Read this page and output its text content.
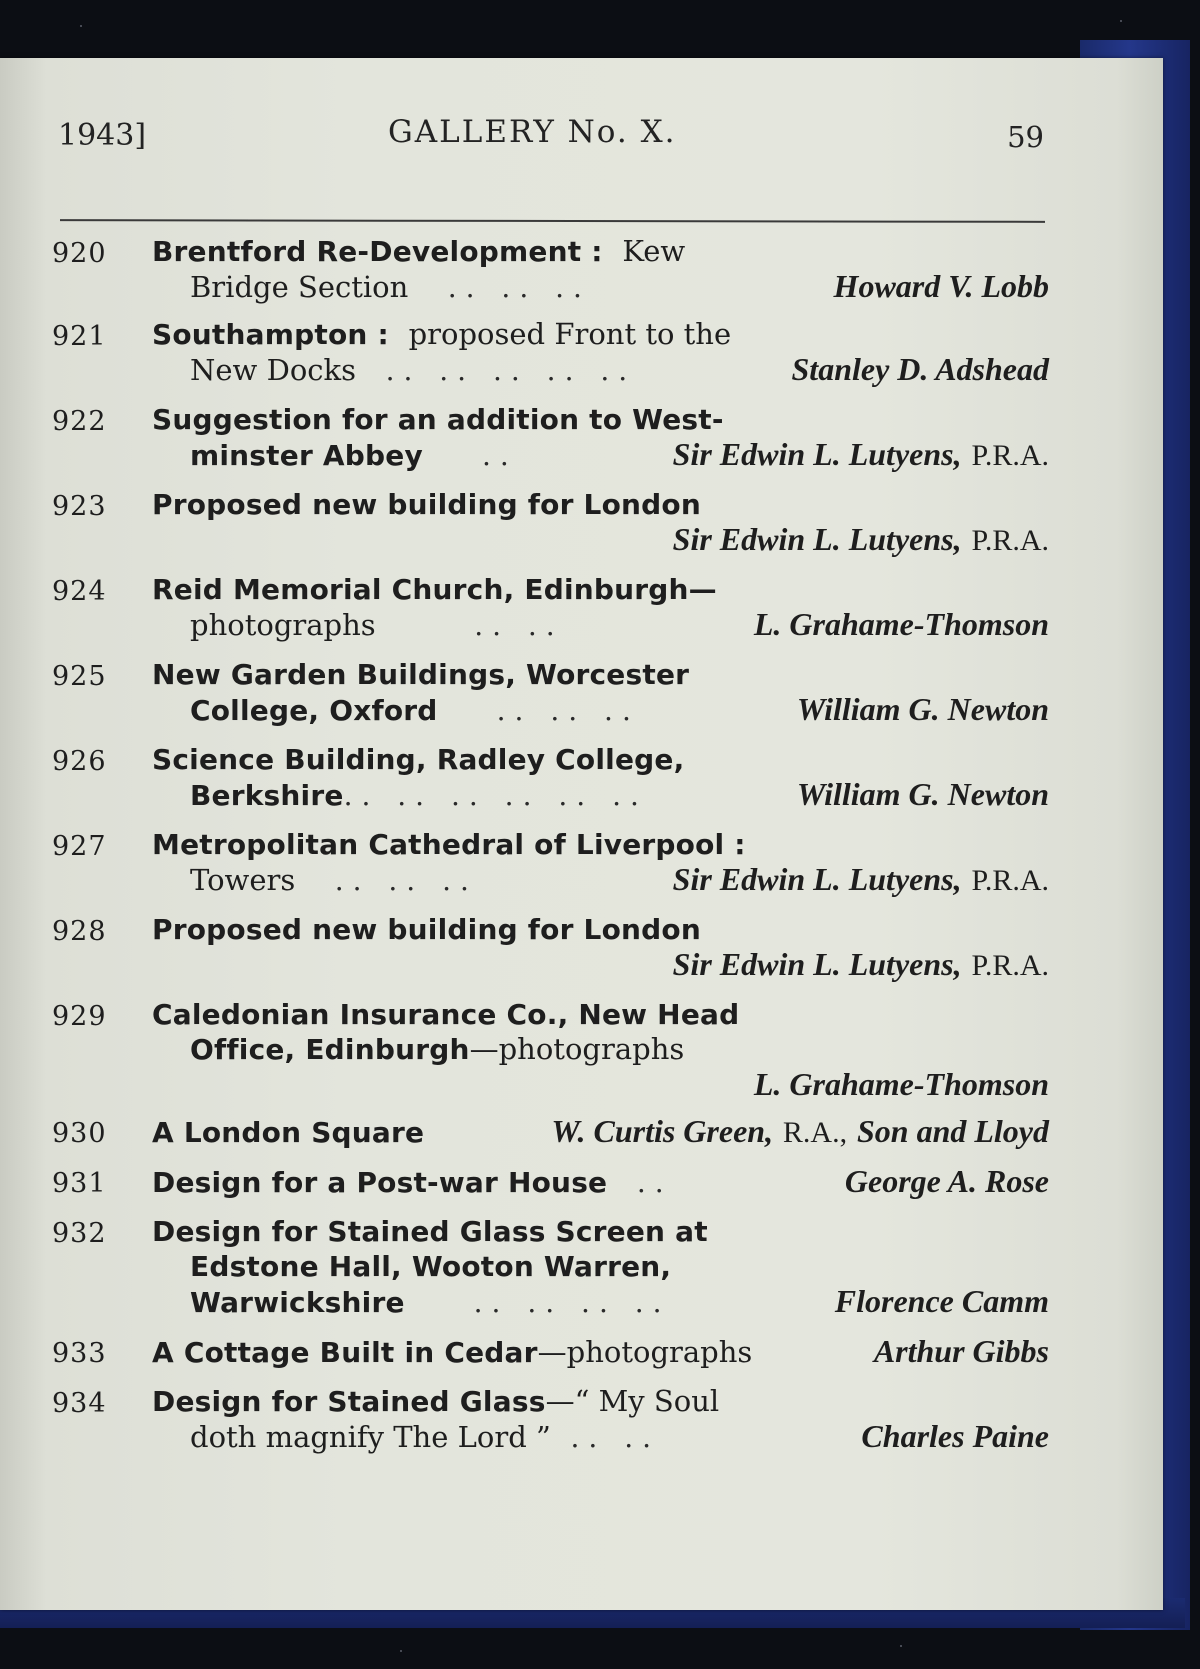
1943]	GALLERY No. X.	59
920 Brentford Re-Development : Kew
Bridge Section .. .. ..	Howard V. Lobb
921 Southampton : proposed Front to the
New Docks .. .. .. .. ..	Stanley D. Adshead
922 Suggestion for an addition to West-
minster Abbey ..	Sir Edwin L. Lutyens, P.R.A.
923 Proposed new building for London
Sir Edwin L. Lutyens, P.R.A.
924 Reid Memorial Church, Edinburgh—
photographs	.. ..	L. Grahame-Thomson
925 New Garden Buildings, Worcester
College, Oxford .. .. ..	William G. Newton
926 Science Building, Radley College,
Berkshire.. .. .. .. .. ..	William G. Newton
927 Metropolitan Cathedral of Liverpool :
Towers .. .. ..	Sir Edwin L. Lutyens, P.R.A.
928 Proposed new building for London
Sir Edwin L. Lutyens, P.R.A.
929 Caledonian Insurance Co., New Head
Office, Edinburgh—photographs
L. Grahame-Thomson
930 A London Square	W. Curtis Green, R.A., Son and Lloyd
931 Design for a Post-war House ..	George A. Rose
932 Design for Stained Glass Screen at
Edstone Hall, Wooton Warren,
Warwickshire .. .. .. ..	Florence Camm
933 A Cottage Built in Cedar—photographs	Arthur Gibbs
934 Design for Stained Glass—“ My Soul
doth magnify The Lord ” .. ..	Charles Paine
